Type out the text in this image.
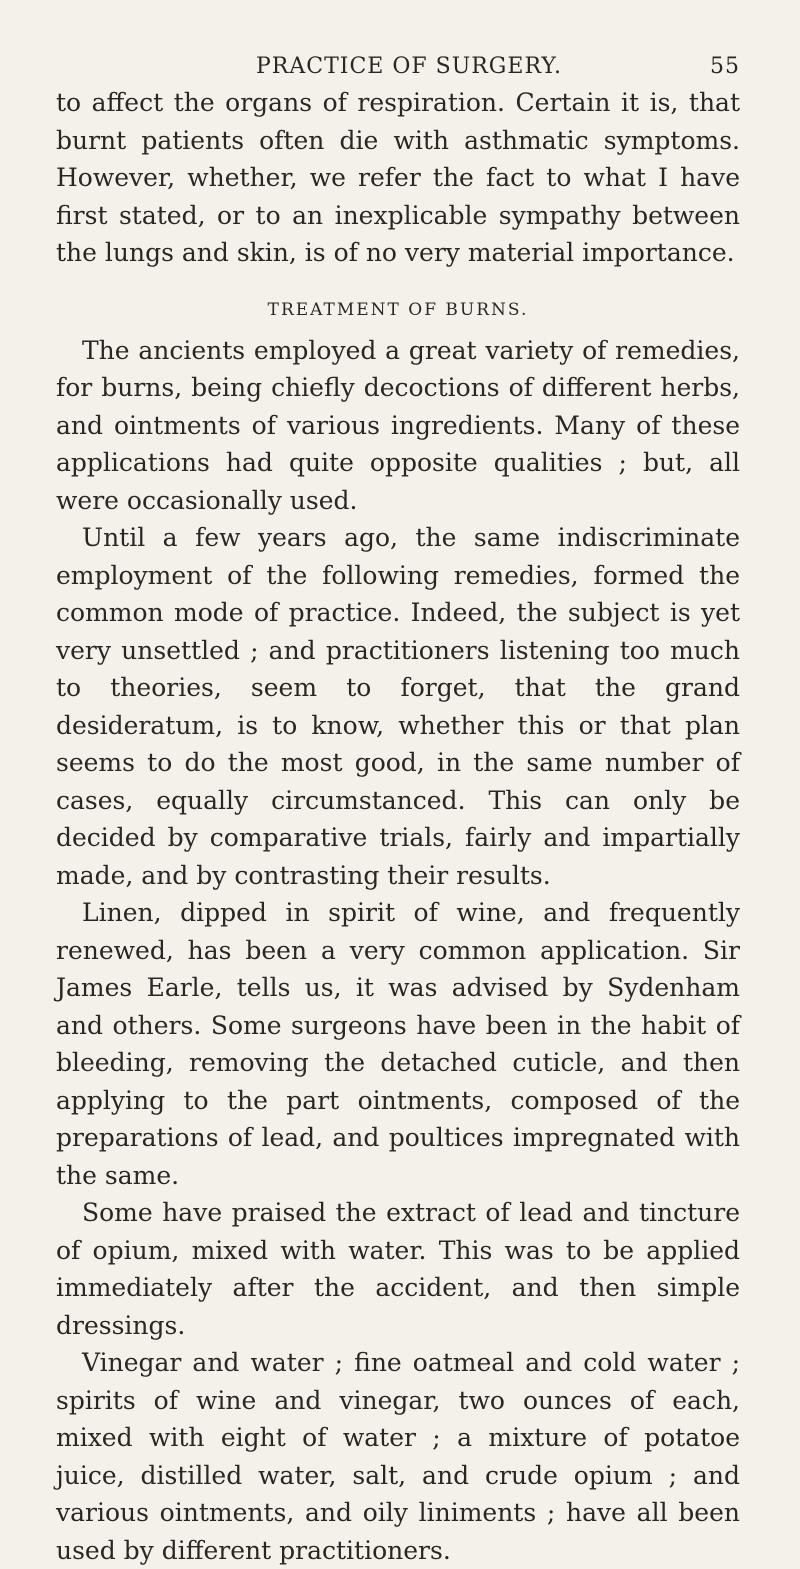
PRACTICE OF SURGERY.	55

to affect the organs of respiration. Certain it is, that burnt patients often die with asthmatic symptoms. However, whether, we refer the fact to what I have first stated, or to an inexplicable sympathy between the lungs and skin, is of no very material importance.

TREATMENT OF BURNS.

The ancients employed a great variety of remedies, for burns, being chiefly decoctions of different herbs, and ointments of various ingredients. Many of these applications had quite opposite qualities ; but, all were occasionally used.

Until a few years ago, the same indiscriminate employment of the following remedies, formed the common mode of practice. Indeed, the subject is yet very unsettled ; and practitioners listening too much to theories, seem to forget, that the grand desideratum, is to know, whether this or that plan seems to do the most good, in the same number of cases, equally circumstanced. This can only be decided by comparative trials, fairly and impartially made, and by contrasting their results.

Linen, dipped in spirit of wine, and frequently renewed, has been a very common application. Sir James Earle, tells us, it was advised by Sydenham and others. Some surgeons have been in the habit of bleeding, removing the detached cuticle, and then applying to the part ointments, composed of the preparations of lead, and poultices impregnated with the same.

Some have praised the extract of lead and tincture of opium, mixed with water. This was to be applied immediately after the accident, and then simple dressings.

Vinegar and water ; fine oatmeal and cold water ; spirits of wine and vinegar, two ounces of each, mixed with eight of water ; a mixture of potatoe juice, distilled water, salt, and crude opium ; and various ointments, and oily liniments ; have all been used by different practitioners.
